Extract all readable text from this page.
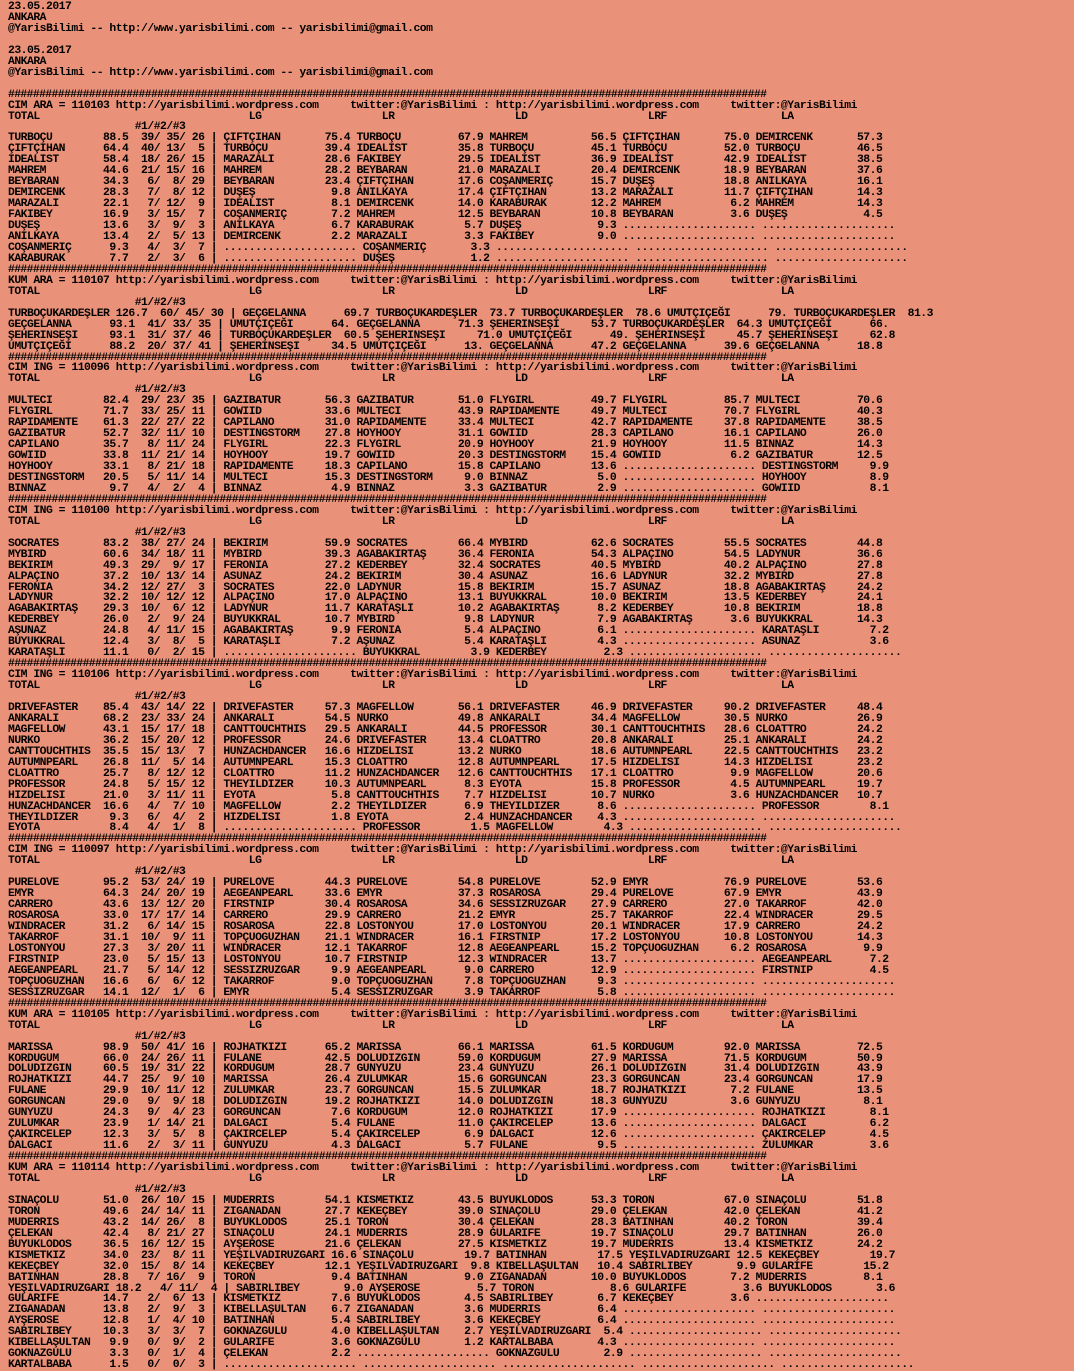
23.05.2017
ANKARA
@YarisBilimi -- http://www.yarisbilimi.com -- yarisbilimi@gmail.com

23.05.2017
ANKARA
@YarisBilimi -- http://www.yarisbilimi.com -- yarisbilimi@gmail.com

##########################################################################################################################
CIM ARA = 110103 http://yarisbilimi.wordpress.com     twitter:@YarisBilimi : http://yarisbilimi.wordpress.com     twitter:@YarisBilimi
TOTAL                                 LG                   LR                   LD                   LRF                  LA
#1/#2/#3
TURBOÇU        88.5  39/ 35/ 26 | ÇIFTÇIHAN       75.4 TURBOÇU         67.9 MAHREM          56.5 ÇIFTÇIHAN       75.0 DEMIRCENK       57.3
ÇIFTÇIHAN      64.4  40/ 13/  5 | TURBOÇU         39.4 IDEALIST        35.8 TURBOÇU         45.1 TURBOÇU         52.0 TURBOÇU         46.5
IDEALIST       58.4  18/ 26/ 15 | MARAZALI        28.6 FAKIBEY         29.5 IDEALIST        36.9 IDEALIST        42.9 IDEALIST        38.5
MAHREM         44.6  21/ 15/ 16 | MAHREM          28.2 BEYBARAN        21.0 MARAZALI        20.4 DEMIRCENK       18.9 BEYBARAN        37.6
BEYBARAN       34.3   6/  8/ 29 | BEYBARAN        23.4 ÇIFTÇIHAN       17.6 COŞANMERIÇ      15.7 DUŞEŞ           18.8 ANILKAYA        16.1
DEMIRCENK      28.3   7/  8/ 12 | DUŞEŞ            9.8 ANILKAYA        17.4 ÇIFTÇIHAN       13.2 MARAZALI        11.7 ÇIFTÇIHAN       14.3
MARAZALI       22.1   7/ 12/  9 | IDEALIST         8.1 DEMIRCENK       14.0 KARABURAK       12.2 MAHREM           6.2 MAHREM          14.3
FAKIBEY        16.9   3/ 15/  7 | COŞANMERIÇ       7.2 MAHREM          12.5 BEYBARAN        10.8 BEYBARAN         3.6 DUŞEŞ            4.5
DUŞEŞ          13.6   3/  9/  3 | ANILKAYA         6.7 KARABURAK        5.7 DUŞEŞ            9.3 ..................... .....................
ANILKAYA       13.4   2/  5/ 13 | DEMIRCENK        2.2 MARAZALI         3.3 FAKIBEY          9.0 ..................... .....................
COŞANMERIÇ      9.3   4/  3/  7 | ..................... COŞANMERIÇ       3.3 ..................... ..................... .....................
KARABURAK       7.7   2/  3/  6 | ..................... DUŞEŞ            1.2 ..................... ..................... .....................
##########################################################################################################################
KUM ARA = 110107 http://yarisbilimi.wordpress.com     twitter:@YarisBilimi : http://yarisbilimi.wordpress.com     twitter:@YarisBilimi
TOTAL                                 LG                   LR                   LD                   LRF                  LA
#1/#2/#3
TURBOÇUKARDEŞLER 126.7  60/ 45/ 30 | GEÇGELANNA      69.7 TURBOÇUKARDEŞLER  73.7 TURBOÇUKARDEŞLER  78.6 UMUTÇIÇEĞI      79. TURBOÇUKARDEŞLER  81.3
GEÇGELANNA      93.1  41/ 33/ 35 | UMUTÇIÇEĞI      64. GEÇGELANNA      71.3 ŞEHERINSEŞI     53.7 TURBOÇUKARDEŞLER  64.3 UMUTÇIÇEĞI      66.
ŞEHERINSEŞI     93.1  31/ 37/ 46 | TURBOÇUKARDEŞLER  60.5 ŞEHERINSEŞI     71.0 UMUTÇIÇEĞI      49. ŞEHERINSEŞI     45.7 ŞEHERINSEŞI     62.8
UMUTÇIÇEĞI      88.2  20/ 37/ 41 | ŞEHERINSEŞI     34.5 UMUTÇIÇEĞI      13. GEÇGELANNA      47.2 GEÇGELANNA      39.6 GEÇGELANNA      18.8
##########################################################################################################################
CIM ING = 110096 http://yarisbilimi.wordpress.com     twitter:@YarisBilimi : http://yarisbilimi.wordpress.com     twitter:@YarisBilimi
TOTAL                                 LG                   LR                   LD                   LRF                  LA
#1/#2/#3
MULTECI        82.4  29/ 23/ 35 | GAZIBATUR       56.3 GAZIBATUR       51.0 FLYGIRL         49.7 FLYGIRL         85.7 MULTECI         70.6
FLYGIRL        71.7  33/ 25/ 11 | GOWIID          33.6 MULTECI         43.9 RAPIDAMENTE     49.7 MULTECI         70.7 FLYGIRL         40.3
RAPIDAMENTE    61.3  22/ 27/ 22 | CAPILANO        31.0 RAPIDAMENTE     33.4 MULTECI         42.7 RAPIDAMENTE     37.8 RAPIDAMENTE     38.5
GAZIBATUR      52.7  32/ 11/ 10 | DESTINGSTORM    27.8 HOYHOOY         31.1 GOWIID          28.3 CAPILANO        16.1 CAPILANO        26.0
CAPILANO       35.7   8/ 11/ 24 | FLYGIRL         22.3 FLYGIRL         20.9 HOYHOOY         21.9 HOYHOOY         11.5 BINNAZ          14.3
GOWIID         33.8  11/ 21/ 14 | HOYHOOY         19.7 GOWIID          20.3 DESTINGSTORM    15.4 GOWIID           6.2 GAZIBATUR       12.5
HOYHOOY        33.1   8/ 21/ 18 | RAPIDAMENTE     18.3 CAPILANO        15.8 CAPILANO        13.6 ..................... DESTINGSTORM     9.9
DESTINGSTORM   20.5   5/ 11/ 14 | MULTECI         15.3 DESTINGSTORM     9.0 BINNAZ           5.0 ..................... HOYHOOY          8.9
BINNAZ          9.7   4/  2/  4 | BINNAZ           4.9 BINNAZ           3.3 GAZIBATUR        2.9 ..................... GOWIID           8.1
##########################################################################################################################
CIM ING = 110100 http://yarisbilimi.wordpress.com     twitter:@YarisBilimi : http://yarisbilimi.wordpress.com     twitter:@YarisBilimi
TOTAL                                 LG                   LR                   LD                   LRF                  LA
#1/#2/#3
SOCRATES       83.2  38/ 27/ 24 | BEKIRIM         59.9 SOCRATES        66.4 MYBIRD          62.6 SOCRATES        55.5 SOCRATES        44.8
MYBIRD         60.6  34/ 18/ 11 | MYBIRD          39.3 AGABAKIRTAŞ     36.4 FERONIA         54.3 ALPAÇINO        54.5 LADYNUR         36.6
BEKIRIM        49.3  29/  9/ 17 | FERONIA         27.2 KEDERBEY        32.4 SOCRATES        40.5 MYBIRD          40.2 ALPAÇINO        27.8
ALPAÇINO       37.2  10/ 13/ 14 | ASUNAZ          24.2 BEKIRIM         30.4 ASUNAZ          16.6 LADYNUR         32.2 MYBIRD          27.8
FERONIA        34.2  12/ 27/  3 | SOCRATES        22.0 LADYNUR         15.8 BEKIRIM         15.7 ASUNAZ          18.8 AGABAKIRTAŞ     24.2
LADYNUR        32.2  10/ 12/ 12 | ALPAÇINO        17.0 ALPAÇINO        13.1 BUYUKKRAL       10.0 BEKIRIM         13.5 KEDERBEY        24.1
AGABAKIRTAŞ    29.3  10/  6/ 12 | LADYNUR         11.7 KARATAŞLI       10.2 AGABAKIRTAŞ      8.2 KEDERBEY        10.8 BEKIRIM         18.8
KEDERBEY       26.0   2/  9/ 24 | BUYUKKRAL       10.7 MYBIRD           9.8 LADYNUR          7.9 AGABAKIRTAŞ      3.6 BUYUKKRAL       14.3
AŞUNAZ         24.8   4/ 11/ 15 | AGABAKIRTAŞ      9.9 FERONIA          5.4 ALPAÇINO         6.1 ..................... KARATAŞLI        7.2
BUYUKKRAL      12.4   3/  8/  5 | KARATAŞLI        7.2 AŞUNAZ           5.4 KARATAŞLI        4.3 ..................... ASUNAZ           3.6
KARATAŞLI      11.1   0/  2/ 15 | ..................... BUYUKKRAL        3.9 KEDERBEY         2.3 ..................... .....................
##########################################################################################################################
CIM ING = 110106 http://yarisbilimi.wordpress.com     twitter:@YarisBilimi : http://yarisbilimi.wordpress.com     twitter:@YarisBilimi
TOTAL                                 LG                   LR                   LD                   LRF                  LA
#1/#2/#3
DRIVEFASTER    85.4  43/ 14/ 22 | DRIVEFASTER     57.3 MAGFELLOW       56.1 DRIVEFASTER     46.9 DRIVEFASTER     90.2 DRIVEFASTER     48.4
ANKARALI       68.2  23/ 33/ 24 | ANKARALI        54.5 NURKO           49.8 ANKARALI        34.4 MAGFELLOW       30.5 NURKO           26.9
MAGFELLOW      43.1  15/ 17/ 18 | CANTTOUCHTHIS   29.5 ANKARALI        44.5 PROFESSOR       30.1 CANTTOUCHTHIS   28.6 CLOATTRO        24.2
NURKO          36.2  15/ 20/ 12 | PROFESSOR       24.6 DRIVEFASTER     13.4 CLOATTRO        20.8 ANKARALI        25.1 ANKARALI        24.2
CANTTOUCHTHIS  35.5  15/ 13/  7 | HUNZACHDANCER   16.6 HIZDELISI       13.2 NURKO           18.6 AUTUMNPEARL     22.5 CANTTOUCHTHIS   23.2
AUTUMNPEARL    26.8  11/  5/ 14 | AUTUMNPEARL     15.3 CLOATTRO        12.8 AUTUMNPEARL     17.5 HIZDELISI       14.3 HIZDELISI       23.2
CLOATTRO       25.7   8/ 12/ 12 | CLOATTRO        11.2 HUNZACHDANCER   12.6 CANTTOUCHTHIS   17.1 CLOATTRO         9.9 MAGFELLOW       20.6
PROFESSOR      24.8   5/ 15/ 12 | THEYILDIZER     10.3 AUTUMNPEARL      8.3 EYOTA           15.8 PROFESSOR        4.5 AUTUMNPEARL     19.7
HIZDELISI      21.0   3/ 11/ 11 | EYOTA            5.8 CANTTOUCHTHIS    7.7 HIZDELISI       10.7 NURKO            3.6 HUNZACHDANCER   10.7
HUNZACHDANCER  16.6   4/  7/ 10 | MAGFELLOW        2.2 THEYILDIZER      6.9 THEYILDIZER      8.6 ..................... PROFESSOR        8.1
THEYILDIZER     9.3   6/  4/  2 | HIZDELISI        1.8 EYOTA            2.4 HUNZACHDANCER    4.3 ..................... .....................
EYOTA           8.4   4/  1/  8 | ..................... PROFESSOR        1.5 MAGFELLOW        4.3 ..................... .....................
##########################################################################################################################
CIM ING = 110097 http://yarisbilimi.wordpress.com     twitter:@YarisBilimi : http://yarisbilimi.wordpress.com     twitter:@YarisBilimi
TOTAL                                 LG                   LR                   LD                   LRF                  LA
#1/#2/#3
PURELOVE       95.2  53/ 24/ 19 | PURELOVE        44.3 PURELOVE        54.8 PURELOVE        52.9 EMYR            76.9 PURELOVE        53.6
EMYR           64.3  24/ 20/ 19 | AEGEANPEARL     33.6 EMYR            37.3 ROSAROSA        29.4 PURELOVE        67.9 EMYR            43.9
CARRERO        43.6  13/ 12/ 20 | FIRSTNIP        30.4 ROSAROSA        34.6 SESSIZRUZGAR    27.9 CARRERO         27.0 TAKARROF        42.0
ROSAROSA       33.0  17/ 17/ 14 | CARRERO         29.9 CARRERO         21.2 EMYR            25.7 TAKARROF        22.4 WINDRACER       29.5
WINDRACER      31.2   6/ 14/ 15 | ROSAROSA        22.8 LOSTONYOU       17.0 LOSTONYOU       20.1 WINDRACER       17.9 CARRERO         24.2
TAKARROF       31.1  10/  9/ 11 | TOPÇUOGUZHAN    21.1 WINDRACER       16.1 FIRSTNIP        17.2 LOSTONYOU       10.8 LOSTONYOU       14.3
LOSTONYOU      27.3   3/ 20/ 11 | WINDRACER       12.1 TAKARROF        12.8 AEGEANPEARL     15.2 TOPÇUOGUZHAN     6.2 ROSAROSA         9.9
FIRSTNIP       23.0   5/ 15/ 13 | LOSTONYOU       10.7 FIRSTNIP        12.3 WINDRACER       13.7 ..................... AEGEANPEARL      7.2
AEGEANPEARL    21.7   5/ 14/ 12 | SESSIZRUZGAR     9.9 AEGEANPEARL      9.0 CARRERO         12.9 ..................... FIRSTNIP         4.5
TOPÇUOGUZHAN   16.6   6/  6/ 12 | TAKARROF         9.0 TOPÇUOGUZHAN     7.8 TOPÇUOGUZHAN     9.3 ..................... .....................
SESSIZRUZGAR   14.1  12/  1/  6 | EMYR             5.4 SESSIZRUZGAR     3.9 TAKARROF         5.8 ..................... .....................
##########################################################################################################################
KUM ARA = 110105 http://yarisbilimi.wordpress.com     twitter:@YarisBilimi : http://yarisbilimi.wordpress.com     twitter:@YarisBilimi
TOTAL                                 LG                   LR                   LD                   LRF                  LA
#1/#2/#3
MARISSA        98.9  50/ 41/ 16 | ROJHATKIZI      65.2 MARISSA         66.1 MARISSA         61.5 KORDUGUM        92.0 MARISSA         72.5
KORDUGUM       66.0  24/ 26/ 11 | FULANE          42.5 DOLUDIZGIN      59.0 KORDUGUM        27.9 MARISSA         71.5 KORDUGUM        50.9
DOLUDIZGIN     60.5  19/ 31/ 22 | KORDUGUM        28.7 GUNYUZU         23.4 GUNYUZU         26.1 DOLUDIZGIN      31.4 DOLUDIZGIN      43.9
ROJHATKIZI     44.7  25/  9/ 10 | MARISSA         26.4 ZULUMKAR        15.6 GORGUNCAN       23.3 GORGUNCAN       23.4 GORGUNCAN       17.9
FULANE         29.9  10/ 11/ 12 | ZULUMKAR        23.7 GORGUNCAN       15.5 ZULUMKAR        18.7 ROJHATKIZI       7.2 FULANE          13.5
GORGUNCAN      29.0   9/  9/ 18 | DOLUDIZGIN      19.2 ROJHATKIZI      14.0 DOLUDIZGIN      18.3 GUNYUZU          3.6 GUNYUZU          8.1
GUNYUZU        24.3   9/  4/ 23 | GORGUNCAN        7.6 KORDUGUM        12.0 ROJHATKIZI      17.9 ..................... ROJHATKIZI       8.1
ZULUMKAR       23.9   1/ 14/ 21 | DALGACI          5.4 FULANE          11.0 ÇAKIRCELEP      13.6 ..................... DALGACI          6.2
ÇAKIRCELEP     12.3   3/  5/  8 | ÇAKIRCELEP       5.4 ÇAKIRCELEP       6.9 DALGACI         12.6 ..................... ÇAKIRCELEP       4.5
DALGACI        11.6   2/  3/ 11 | GUNYUZU          4.3 DALGACI          5.7 FULANE           9.5 ..................... ZULUMKAR         3.6
##########################################################################################################################
KUM ARA = 110114 http://yarisbilimi.wordpress.com     twitter:@YarisBilimi : http://yarisbilimi.wordpress.com     twitter:@YarisBilimi
TOTAL                                 LG                   LR                   LD                   LRF                  LA
#1/#2/#3
SINAÇOLU       51.0  26/ 10/ 15 | MUDERRIS        54.1 KISMETKIZ       43.5 BUYUKLODOS      53.3 TORON           67.0 SINAÇOLU        51.8
TORON          49.6  24/ 14/ 11 | ZIGANADAN       27.7 KEKEÇBEY        39.0 SINAÇOLU        29.0 ÇELEKAN         42.0 ÇELEKAN         41.2
MUDERRIS       43.2  14/ 26/  8 | BUYUKLODOS      25.1 TORON           30.4 ÇELEKAN         28.3 BATINHAN        40.2 TORON           39.4
ÇELEKAN        42.4   8/ 21/ 27 | SINAÇOLU        24.1 MUDERRIS        28.9 GULARIFE        19.7 SINAÇOLU        29.7 BATINHAN        26.0
BUYUKLODOS     36.5  16/ 12/ 15 | AYŞEROSE        21.6 ÇELEKAN         27.5 KISMETKIZ       19.7 MUDERRIS        13.4 KISMETKIZ       24.2
KISMETKIZ      34.0  23/  8/ 11 | YEŞILVADIRUZGARI 16.6 SINAÇOLU        19.7 BATINHAN        17.5 YEŞILVADIRUZGARI 12.5 KEKEÇBEY        19.7
KEKEÇBEY       32.0  15/  8/ 14 | KEKEÇBEY        12.1 YEŞILVADIRUZGARI  9.8 KIBELLAŞULTAN   10.4 SABIRLIBEY       9.9 GULARIFE        15.2
BATINHAN       28.8   7/ 16/  9 | TORON            9.4 BATINHAN         9.0 ZIGANADAN       10.0 BUYUKLODOS       7.2 MUDERRIS         8.1
YEŞILVADIRUZGARI 18.2   4/ 11/  4 | SABIRLIBEY       9.0 AYŞEROSE         5.7 TORON            8.6 GULARIFE         3.6 BUYUKLODOS       3.6
GULARIFE       14.7   2/  6/ 13 | KISMETKIZ        7.6 BUYUKLODOS       4.5 SABIRLIBEY       6.7 KEKEÇBEY         3.6 .....................
ZIGANADAN      13.8   2/  9/  3 | KIBELLAŞULTAN    6.7 ZIGANADAN        3.6 MUDERRIS         6.4 ..................... .....................
AYŞEROSE       12.8   1/  4/ 10 | BATINHAN         5.4 SABIRLIBEY       3.6 KEKEÇBEY         6.4 ..................... .....................
SABIRLIBEY     10.3   3/  3/  7 | GOKNAZGULU       4.0 KIBELLAŞULTAN    2.7 YEŞILVADIRUZGARI  5.4 ..................... .....................
KIBELLAŞULTAN   9.9   0/  9/  2 | GULARIFE         3.6 GOKNAZGULU       1.2 KARTALBABA       4.3 ..................... .....................
GOKNAZGULU      3.3   0/  1/  4 | ÇELEKAN          2.2 ..................... GOKNAZGULU       2.9 ..................... .....................
KARTALBABA      1.5   0/  0/  3 | ..................... ..................... ..................... ..................... .....................
